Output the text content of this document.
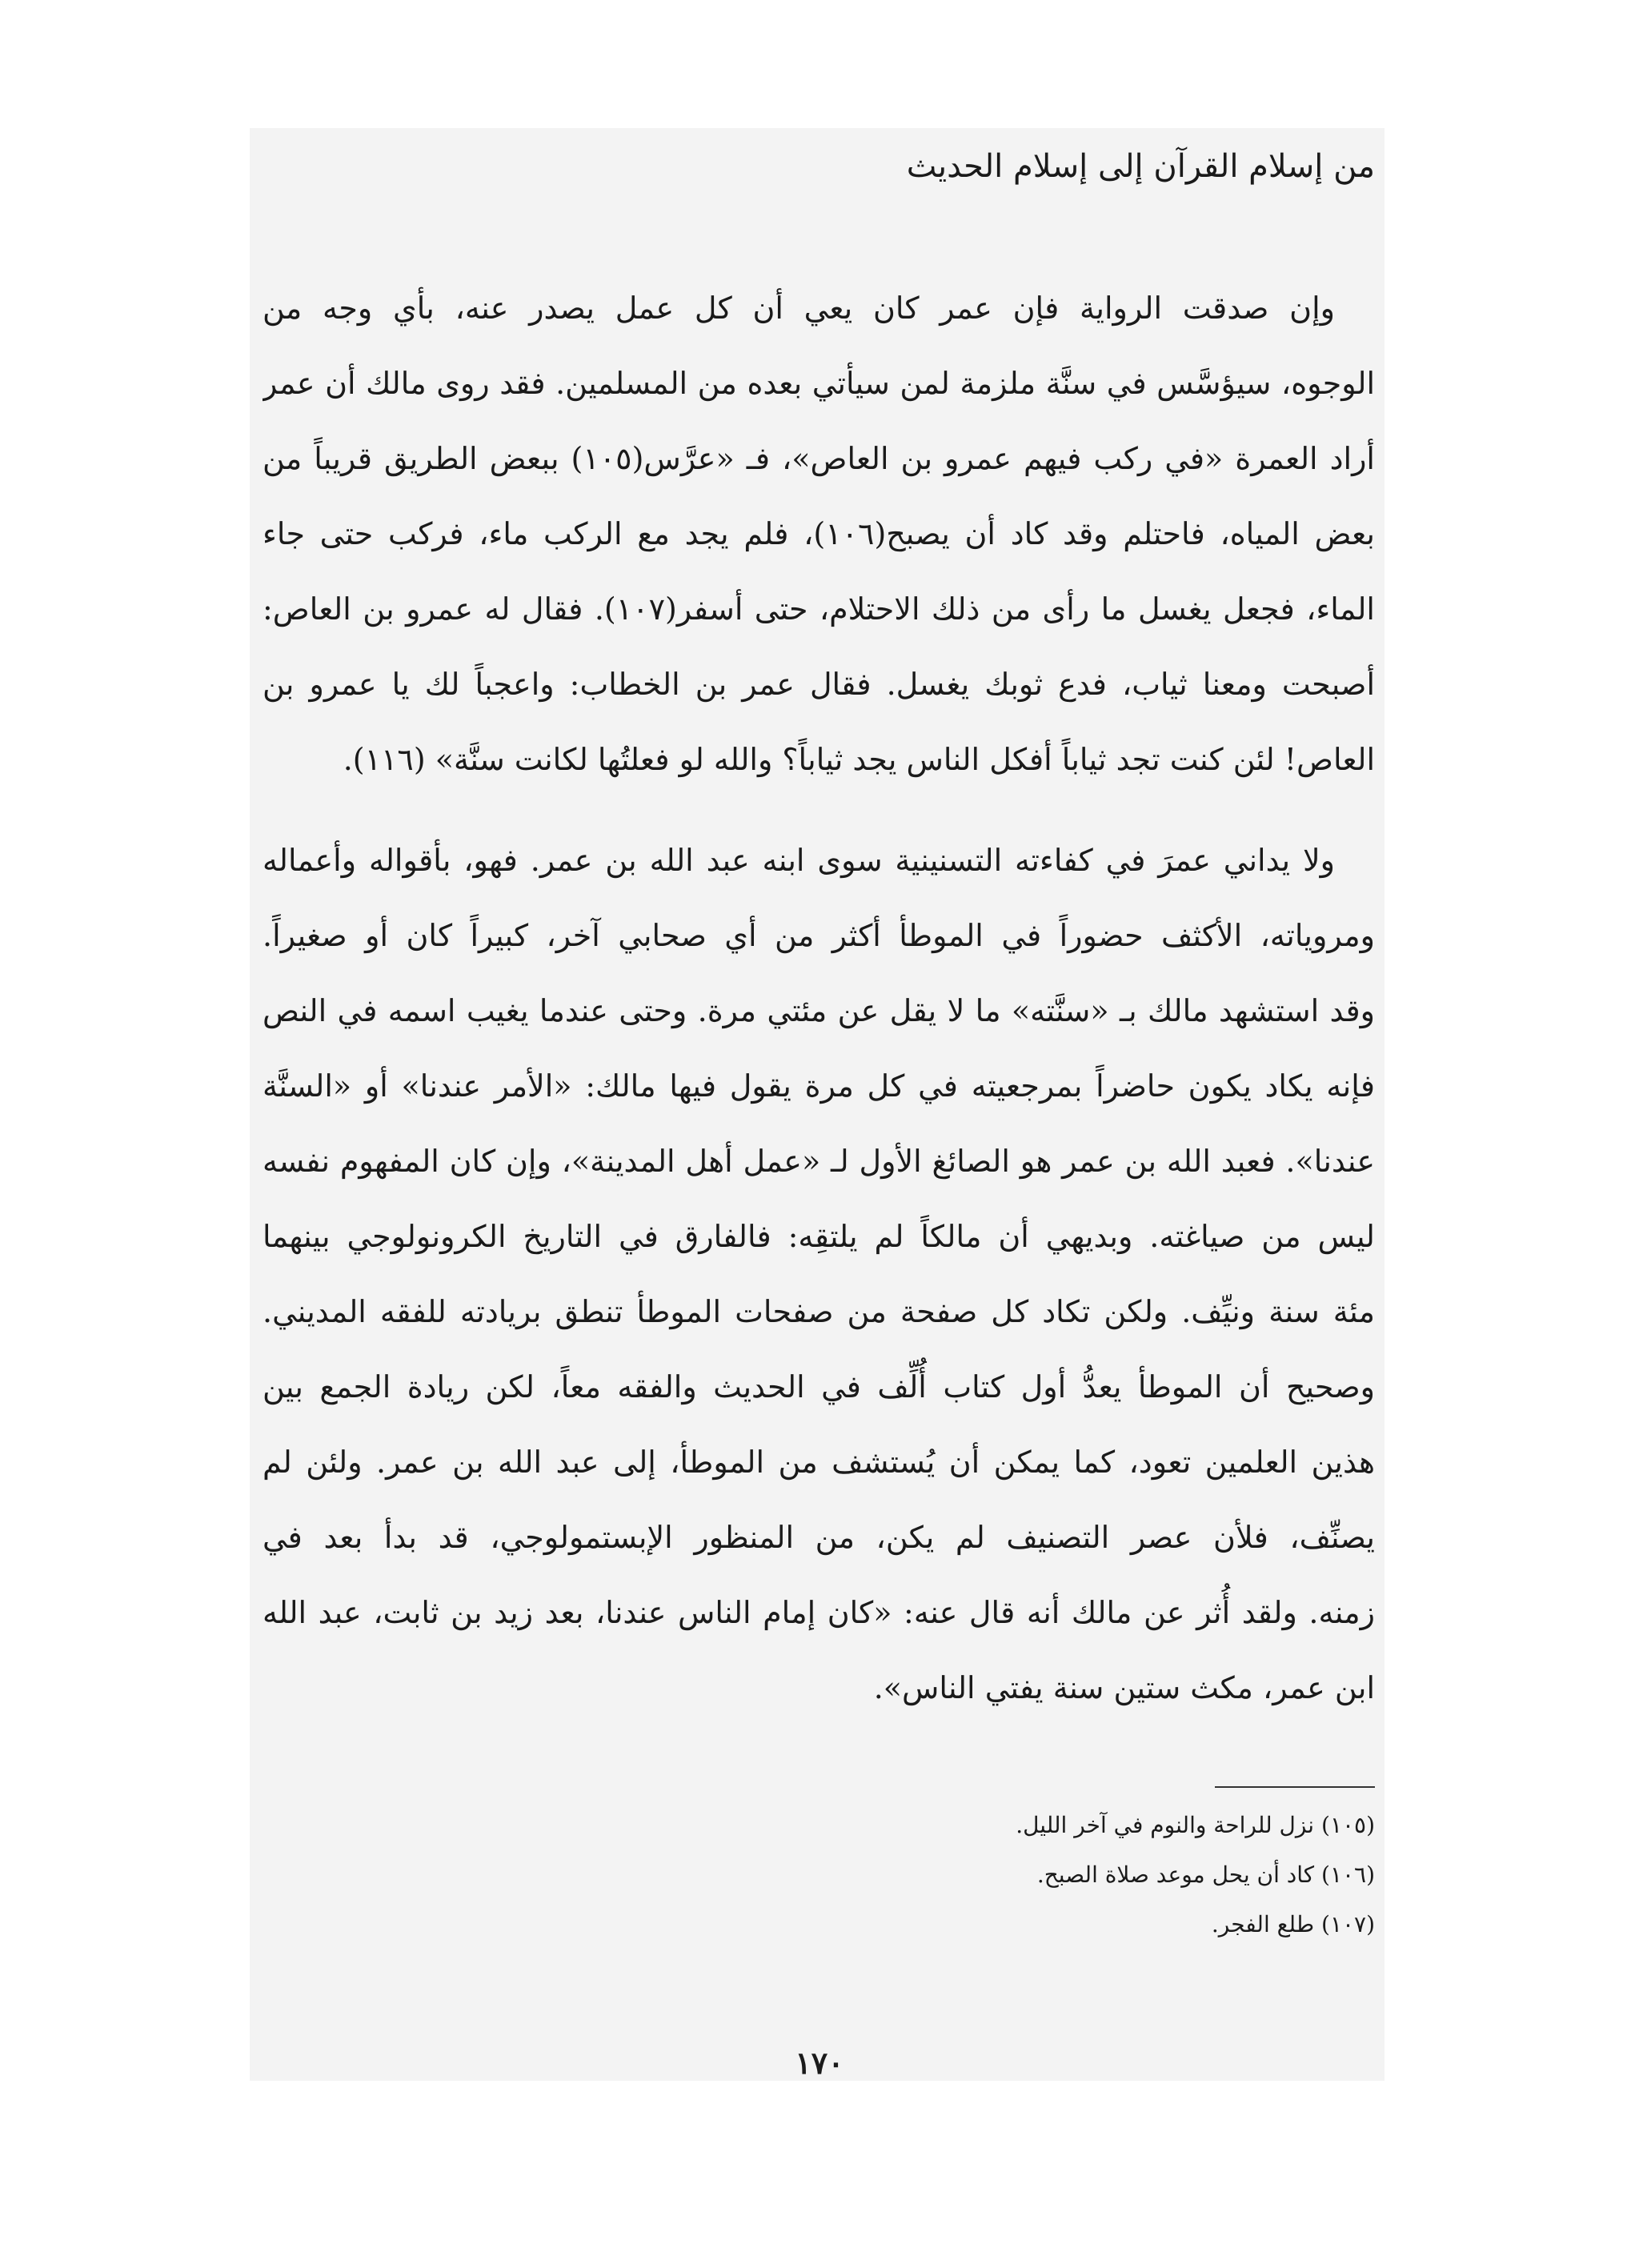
من إسلام القرآن إلى إسلام الحديث

وإن صدقت الرواية فإن عمر كان يعي أن كل عمل يصدر عنه، بأي وجه من

الوجوه، سيؤسَّس في سنَّة ملزمة لمن سيأتي بعده من المسلمين. فقد روى مالك أن عمر

أراد العمرة «في ركب فيهم عمرو بن العاص»، فـ «عرَّس(١٠٥) ببعض الطريق قريباً من

بعض المياه، فاحتلم وقد كاد أن يصبح(١٠٦)، فلم يجد مع الركب ماء، فركب حتى جاء

الماء، فجعل يغسل ما رأى من ذلك الاحتلام، حتى أسفر(١٠٧). فقال له عمرو بن العاص:

أصبحت ومعنا ثياب، فدع ثوبك يغسل. فقال عمر بن الخطاب: واعجباً لك يا عمرو بن

العاص! لئن كنت تجد ثياباً أفكل الناس يجد ثياباً؟ والله لو فعلتُها لكانت سنَّة» (١١٦).

ولا يداني عمرَ في كفاءته التسنينية سوى ابنه عبد الله بن عمر. فهو، بأقواله وأعماله

ومروياته، الأكثف حضوراً في الموطأ أكثر من أي صحابي آخر، كبيراً كان أو صغيراً.

وقد استشهد مالك بـ «سنَّته» ما لا يقل عن مئتي مرة. وحتى عندما يغيب اسمه في النص

فإنه يكاد يكون حاضراً بمرجعيته في كل مرة يقول فيها مالك: «الأمر عندنا» أو «السنَّة

عندنا». فعبد الله بن عمر هو الصائغ الأول لـ «عمل أهل المدينة»، وإن كان المفهوم نفسه

ليس من صياغته. وبديهي أن مالكاً لم يلتقِه: فالفارق في التاريخ الكرونولوجي بينهما

مئة سنة ونيِّف. ولكن تكاد كل صفحة من صفحات الموطأ تنطق بريادته للفقه المديني.

وصحيح أن الموطأ يعدُّ أول كتاب أُلِّف في الحديث والفقه معاً، لكن ريادة الجمع بين

هذين العلمين تعود، كما يمكن أن يُستشف من الموطأ، إلى عبد الله بن عمر. ولئن لم

يصنِّف، فلأن عصر التصنيف لم يكن، من المنظور الإبستمولوجي، قد بدأ بعد في

زمنه. ولقد أُثر عن مالك أنه قال عنه: «كان إمام الناس عندنا، بعد زيد بن ثابت، عبد الله

ابن عمر، مكث ستين سنة يفتي الناس».

(١٠٥) نزل للراحة والنوم في آخر الليل.

(١٠٦) كاد أن يحل موعد صلاة الصبح.

(١٠٧) طلع الفجر.

١٧٠
